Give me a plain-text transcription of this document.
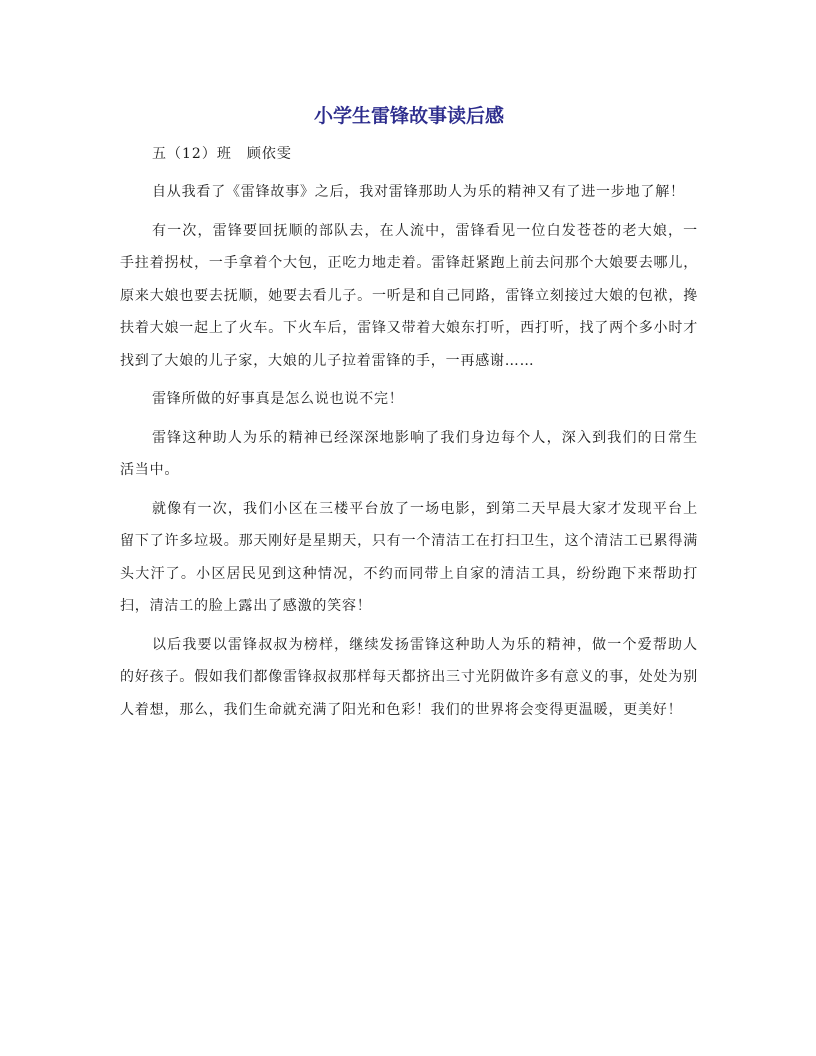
小学生雷锋故事读后感
五（12）班　顾依雯

自从我看了《雷锋故事》之后，我对雷锋那助人为乐的精神又有了进一步地了解！

有一次，雷锋要回抚顺的部队去，在人流中，雷锋看见一位白发苍苍的老大娘，一手拄着拐杖，一手拿着个大包，正吃力地走着。雷锋赶紧跑上前去问那个大娘要去哪儿，原来大娘也要去抚顺，她要去看儿子。一听是和自己同路，雷锋立刻接过大娘的包袱，搀扶着大娘一起上了火车。下火车后，雷锋又带着大娘东打听，西打听，找了两个多小时才找到了大娘的儿子家，大娘的儿子拉着雷锋的手，一再感谢……

雷锋所做的好事真是怎么说也说不完！

雷锋这种助人为乐的精神已经深深地影响了我们身边每个人，深入到我们的日常生活当中。

就像有一次，我们小区在三楼平台放了一场电影，到第二天早晨大家才发现平台上留下了许多垃圾。那天刚好是星期天，只有一个清洁工在打扫卫生，这个清洁工已累得满头大汗了。小区居民见到这种情况，不约而同带上自家的清洁工具，纷纷跑下来帮助打扫，清洁工的脸上露出了感激的笑容！

以后我要以雷锋叔叔为榜样，继续发扬雷锋这种助人为乐的精神，做一个爱帮助人的好孩子。假如我们都像雷锋叔叔那样每天都挤出三寸光阴做许多有意义的事，处处为别人着想，那么，我们生命就充满了阳光和色彩！我们的世界将会变得更温暖，更美好！
